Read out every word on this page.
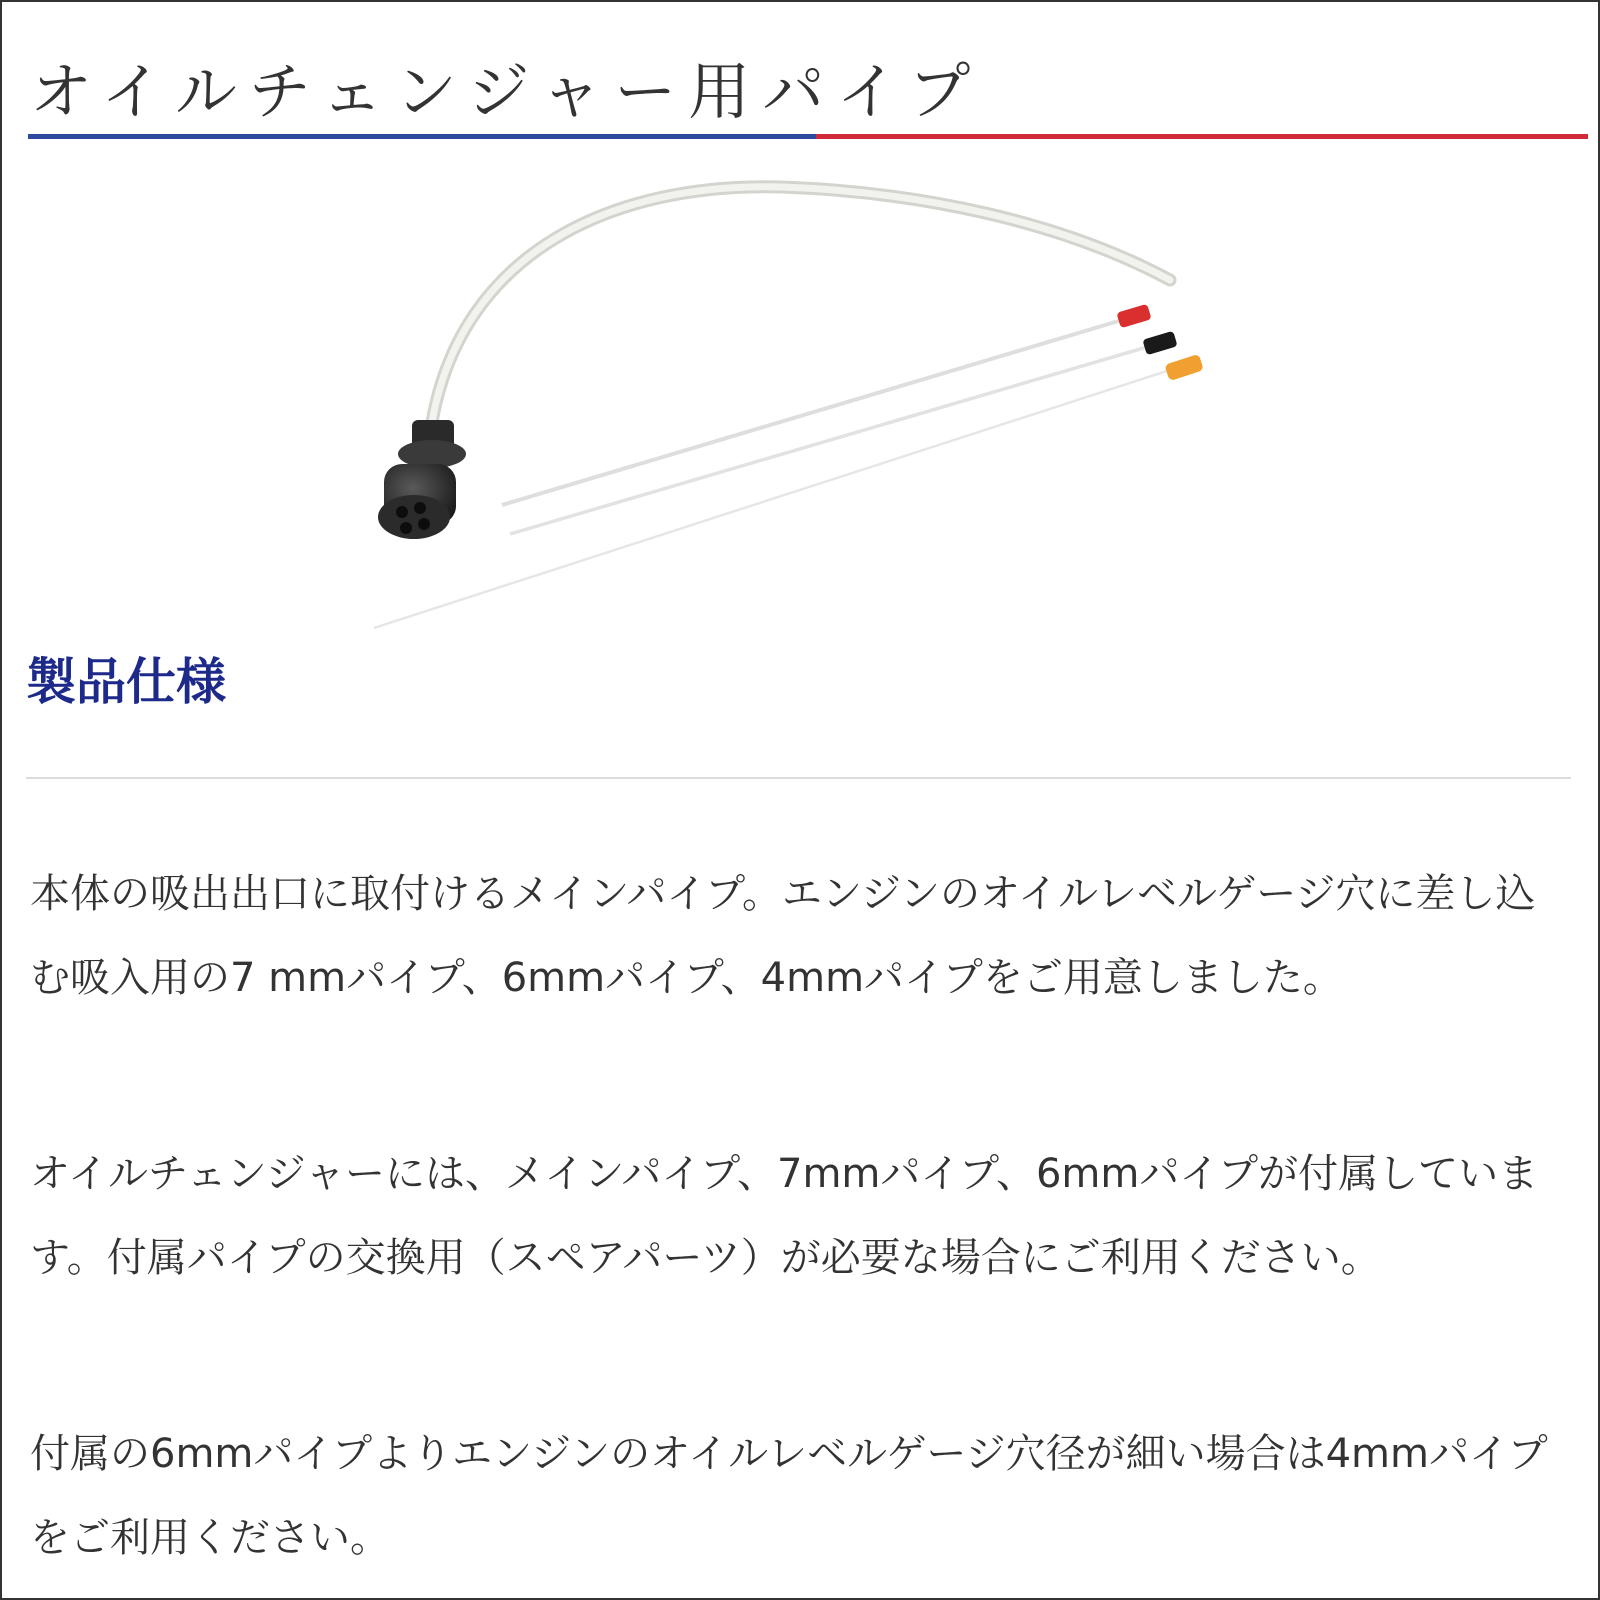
オイルチェンジャー用パイプ
製品仕様

本体の吸出出口に取付けるメインパイプ。エンジンのオイルレベルゲージ穴に差し込む吸入用の7 mmパイプ、6mmパイプ、4mmパイプをご用意しました。

オイルチェンジャーには、メインパイプ、7mmパイプ、6mmパイプが付属しています。付属パイプの交換用（スペアパーツ）が必要な場合にご利用ください。

付属の6mmパイプよりエンジンのオイルレベルゲージ穴径が細い場合は4mmパイプをご利用ください。
